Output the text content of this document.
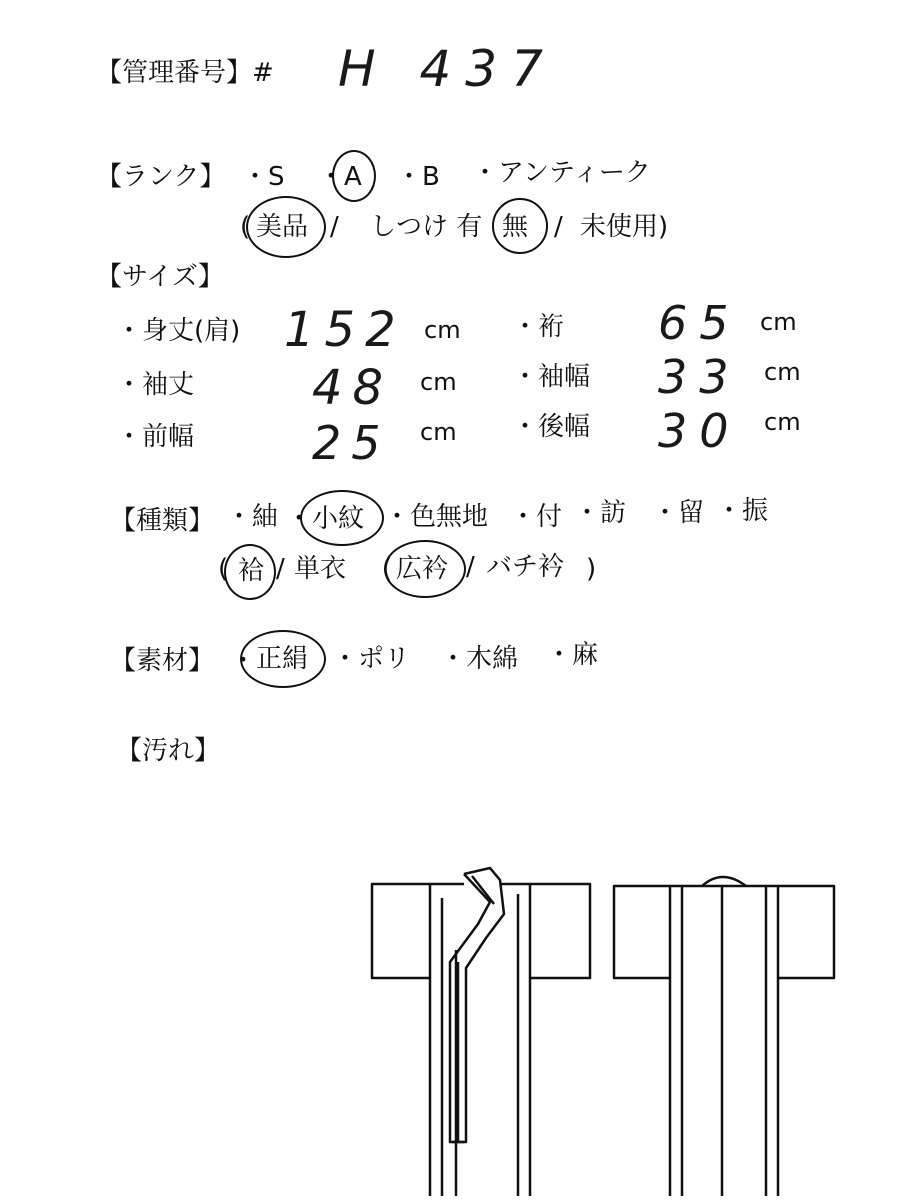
【管理番号】# H 437
【ランク】 ・S ・ A ・B ・アンティーク
( 美品 / しつけ 有 無 / 未使用)
【サイズ】
・身丈(肩) 152 cm ・裄 65 cm
・袖丈 48 cm ・袖幅 33 cm
・前幅	25 cm ・後幅 30 cm
【種類】 ・紬 ・ 小紋 ・色無地 ・付 ・訪 ・留 ・振
( 袷 / 単衣 ( 広衿 / バチ衿 )
【素材】 ・ 正絹 ・ポリ ・木綿 ・麻
【汚れ】
